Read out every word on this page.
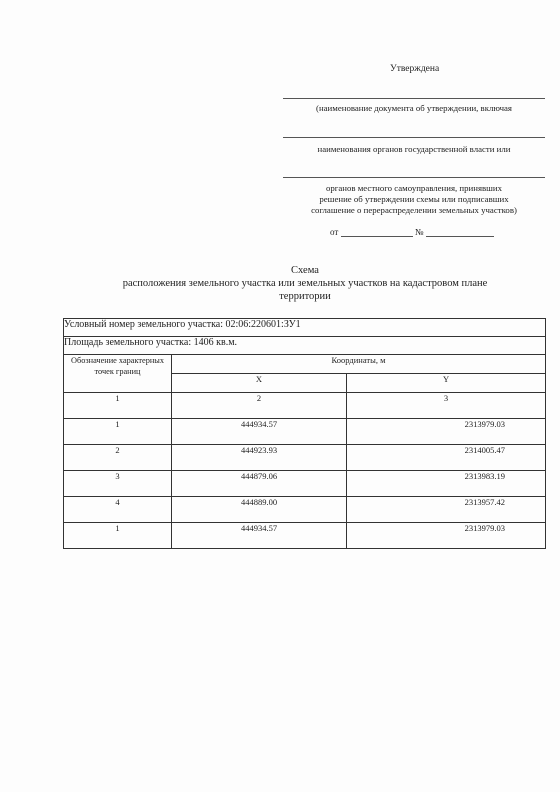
Утверждена
(наименование документа об утверждении, включая
наименования органов государственной власти или
органов местного самоуправления, принявших
решение об утверждении схемы или подписавших
соглашение о перераспределении земельных участков)
от	№
Схема
расположения земельного участка или земельных участков на кадастровом плане
территории
Условный номер земельного участка: 02:06:220601:ЗУ1		
Площадь земельного участка: 1406 кв.м.		
Обозначение характерных точек границ	Координаты, м	
	X	Y
1	2	3
1	444934.57	2313979.03
2	444923.93	2314005.47
3	444879.06	2313983.19
4	444889.00	2313957.42
1	444934.57	2313979.03
